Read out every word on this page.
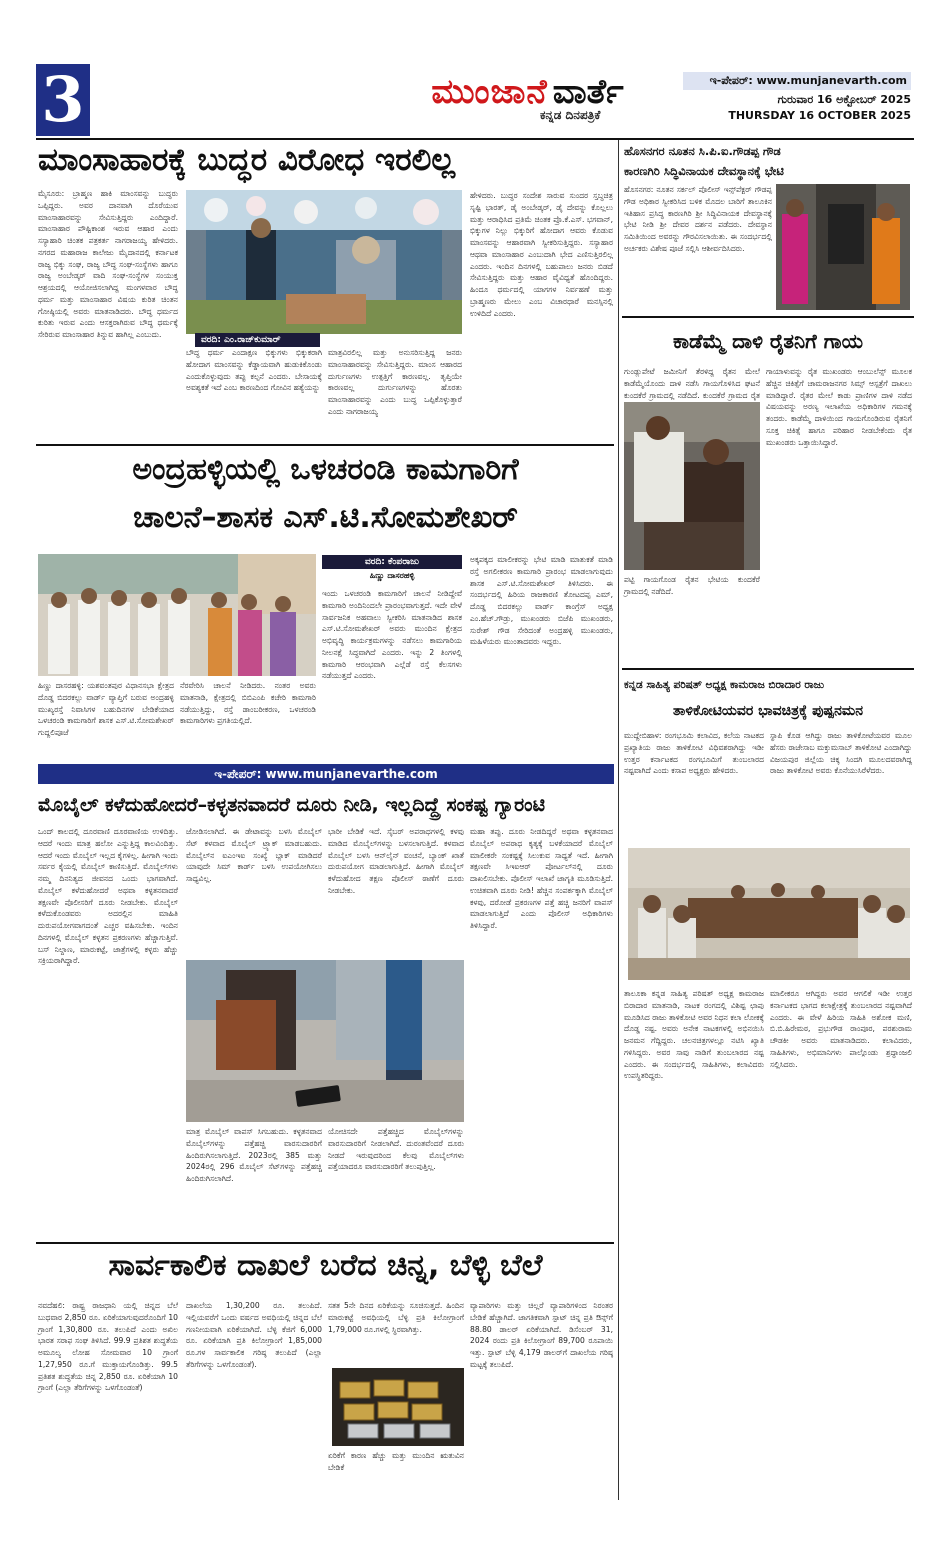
3	ಮುಂಜಾನೆ ವಾರ್ತೆ
ಕನ್ನಡ ದಿನಪತ್ರಿಕೆ
ಇ-ಪೇಪರ್: www.munjanevarth.com
ಗುರುವಾರ 16 ಅಕ್ಟೋಬರ್ 2025
THURSDAY 16 OCTOBER 2025
ಮಾಂಸಾಹಾರಕ್ಕೆ ಬುದ್ಧರ ವಿರೋಧ ಇರಲಿಲ್ಲ
ಮೈಸೂರು: ಬ್ರಾಹ್ಮಣ ಹಾಕಿ ಮಾಂಸವನ್ನು ಬುದ್ಧರು ಒಪ್ಪಿದ್ದರು. ಅವರ ದಾನವಾಗಿ ದೊರೆಯುವ ಮಾಂಸಾಹಾರವನ್ನು ಸೇವಿಸುತ್ತಿದ್ದರು ಎಂದಿದ್ದಾರೆ. ಮಾಂಸಾಹಾರ ಪೌಷ್ಟಿಕಾಂಶ ಇರುವ ಆಹಾರ ಎಂದು ಸಸ್ಯಾಹಾರಿ ಚಿಂತಕ ಪತ್ರಕರ್ತ ನಾಗರಾಜಯ್ಯ ಹೇಳಿದರು. ನಗರದ ಮಹಾರಾಜ ಕಾಲೇಜು ಮೈದಾನದಲ್ಲಿ ಕರ್ನಾಟಕ ರಾಜ್ಯ ಭಿಕ್ಕು ಸಂಘ, ರಾಜ್ಯ ಬೌದ್ಧ ಸಂಘ-ಸಂಸ್ಥೆಗಳು ಹಾಗೂ ರಾಜ್ಯ ಅಂಬೇಡ್ಕರ್ ವಾದಿ ಸಂಘ-ಸಂಸ್ಥೆಗಳ ಸಂಯುಕ್ತ ಆಶ್ರಯದಲ್ಲಿ ಆಯೋಜಿಸಲಾಗಿದ್ದ ಮಂಗಳವಾರ ಬೌದ್ಧ ಧರ್ಮ ಮತ್ತು ಮಾಂಸಾಹಾರ ವಿಷಯ ಕುರಿತ ಚಿಂತನ ಗೋಷ್ಠಿಯಲ್ಲಿ ಅವರು ಮಾತನಾಡಿದರು. ಬೌದ್ಧ ಧರ್ಮದ ಕುರಿತು ಇರುವ ಎಂದು ಆಸಕ್ತರಾಗಿರುವ ಬೌದ್ಧ ಧರ್ಮಕ್ಕೆ ಸೇರಿರುವ ಮಾಂಸಾಹಾರ ತಿನ್ನುವ ಹಾಗಿಲ್ಲ ಎಂಬುದು.
ವರದಿ: ಎಂ.ರಾಜ್‌ಕುಮಾರ್
ಬೌದ್ಧ ಧರ್ಮ ಎಂದಾಕ್ಷಣ ಭಿಕ್ಕುಗಳು ಭಿಕ್ಕುಕರಾಗಿ ಹೋದಾಗ ಮಾಂಸವನ್ನು ಕೆಡ್ಡಾಯವಾಗಿ ಹುಡುಕಿಕೊಂಡು ಎಂದುಕೊಳ್ಳುವುದು ತಪ್ಪು ಕಲ್ಪನೆ ಎಂದರು. ಬೇಸಾಯಕ್ಕೆ ಅವಶ್ಯಕತೆ ಇದೆ ಎಂಬ ಕಾರಣದಿಂದ ಗೋವಿನ ಹತ್ಯೆಯನ್ನು
ಮಾತ್ರವಿರಲಿಲ್ಲ ಮತ್ತು ಅನುಸರಿಸುತ್ತಿದ್ದ ಜನರು ಮಾಂಸಾಹಾರವನ್ನು ಸೇವಿಸುತ್ತಿದ್ದರು. ಮಾಂಸ ಆಹಾರದ ದುರ್ಗುಣಗಳು ಉತ್ಪತ್ತಿಗೆ ಕಾರಣವಲ್ಲ. ತೃಪ್ತಿಯೇ ಕಾರಣವಲ್ಲ ದುರ್ಗುಣಗಳನ್ನು ಹೊರತು ಮಾಂಸಾಹಾರವನ್ನು ಎಂದು ಬುದ್ಧ ಒಪ್ಪಿಕೊಳ್ಳುತ್ತಾರೆ ಎಂದು ನಾಗರಾಜಯ್ಯ
ಹೇಳಿದರು. ಬುದ್ಧರ ಸಂದೇಶ ಸಾರುವ ಸುಂದರ ಸ್ತಬ್ಧಚಿತ್ರ ಸೃಷ್ಟಿ ಭಾರತ್, ಡೈ ಅಂಬೇಡ್ಕರ್, ಡೈ ದೇವನ್ನು ಕೊಲ್ಲಲು ಮತ್ತು ಆರಾಧಿಸಿದ ಪ್ರತಿಮೆ ಚಿಂತಕ ಪ್ರೊ.ಕೆ.ಎಸ್. ಭಗವಾನ್, ಭಿಕ್ಕುಗಳ ನಿಲ್ಲು ಭಿಕ್ಕುರಿಗೆ ಹೋದಾಗ ಆವರು ಕೊಡುವ ಮಾಂಸವನ್ನು ಆಹಾರವಾಗಿ ಸ್ವೀಕರಿಸುತ್ತಿದ್ದರು. ಸಸ್ಯಾಹಾರ ಆಥವಾ ಮಾಂಸಾಹಾರ ಎಂಬುದಾಗಿ ಭೇದ ಎಣಿಸುತ್ತಿರಲಿಲ್ಲ ಎಂದರು. ಇಂದಿನ ದಿನಗಳಲ್ಲಿ ಬಹುಪಾಲು ಜನರು ಬಿಡದೆ ಸೇವಿಸುತ್ತಿದ್ದರು ಮತ್ತು ಆಹಾರ ವೈವಿಧ್ಯತೆ ಹೊಂದಿದ್ದರು. ಹಿಂದೂ ಧರ್ಮದಲ್ಲಿ ಯಾಗಗಳ ನಿರ್ವಹಣೆ ಮತ್ತು ಬ್ರಾಹ್ಮಣರು ಮೇಲು ಎಂಬ ವಿಚಾರಧಾರೆ ಮನಸ್ಸಿನಲ್ಲಿ ಉಳಿದಿದೆ ಎಂದರು.
ಅಂದ್ರಹಳ್ಳಿಯಲ್ಲಿ ಒಳಚರಂಡಿ ಕಾಮಗಾರಿಗೆ
ಚಾಲನೆ–ಶಾಸಕ ಎಸ್.ಟಿ.ಸೋಮಶೇಖರ್
ಹಿಣ್ಣು ದಾಸರಹಳ್ಳಿ: ಯಶವಂತಪುರ ವಿಧಾನಸಭಾ ಕ್ಷೇತ್ರದ ದೊಡ್ಡ ಬಿದರಕಲ್ಲು ವಾರ್ಡ್‌ ವ್ಯಾಪ್ತಿಗೆ ಬರುವ ಅಂದ್ರಹಳ್ಳಿ ಮುಖ್ಯರಸ್ತೆ ನಿವಾಸಿಗಳ ಬಹುದಿನಗಳ ಬೇಡಿಕೆಯಾದ ಒಳಚರಂಡಿ ಕಾಮಗಾರಿಗೆ ಶಾಸಕ ಎಸ್.ಟಿ.ಸೋಮಶೇಖರ್ ಗುದ್ದಲಿಪೂಜೆ
ನೆರವೇರಿಸಿ ಚಾಲನೆ ನೀಡಿದರು. ನಂತರ ಅವರು ಮಾತನಾಡಿ, ಕ್ಷೇತ್ರದಲ್ಲಿ ಬಿಬಿಎಂಪಿ ಕಚೇರಿ ಕಾಮಗಾರಿ ನಡೆಯುತ್ತಿದ್ದು, ರಸ್ತೆ ಡಾಂಬರೀಕರಣ, ಒಳಚರಂಡಿ ಕಾಮಗಾರಿಗಳು ಪ್ರಗತಿಯಲ್ಲಿದೆ.
ವರದಿ: ಕೆಂಪರಾಜು
ಹಿಣ್ಣು ದಾಸರಹಳ್ಳಿ
ಇಂದು ಒಳಚರಂಡಿ ಕಾಮಗಾರಿಗೆ ಚಾಲನೆ ನೀಡಿದ್ದೇವೆ ಕಾಮಗಾರಿ ಅಂದಿನಿಂದಲೇ ಪ್ರಾರಂಭವಾಗುತ್ತದೆ. ಇದೇ ವೇಳೆ ಸಾರ್ವಜನಿಕ ಅಹವಾಲು ಸ್ವೀಕರಿಸಿ ಮಾತನಾಡಿದ ಶಾಸಕ ಎಸ್.ಟಿ.ಸೋಮಶೇಖರ್ ಅವರು ಮುಂದಿನ ಕ್ಷೇತ್ರದ ಅಭಿವೃದ್ಧಿ ಕಾರ್ಯಕ್ರಮಗಳನ್ನು ನಡೆಸಲು ಕಾಮಗಾರಿಯ ನೀಲನಕ್ಷೆ ಸಿದ್ಧವಾಗಿದೆ ಎಂದರು. ಇನ್ನು 2 ತಿಂಗಳಲ್ಲಿ ಕಾಮಗಾರಿ ಆರಂಭವಾಗಿ ಎಲ್ಲೆಡೆ ರಸ್ತೆ ಕೆಲಸಗಳು ನಡೆಯುತ್ತದೆ ಎಂದರು.
ಅಕ್ಕಪಕ್ಕದ ಮಾಲೀಕರನ್ನು ಭೇಟಿ ಮಾಡಿ ಮಾತುಕತೆ ಮಾಡಿ ರಸ್ತೆ ಅಗಲೀಕರಣ ಕಾಮಗಾರಿ ಪ್ರಾರಂಭ ಮಾಡಲಾಗುವುದು ಶಾಸಕ ಎಸ್.ಟಿ.ಸೋಮಶೇಖರ್ ತಿಳಿಸಿದರು. ಈ ಸಂದರ್ಭದಲ್ಲಿ ಹಿರಿಯ ರಾಜಕಾರಣಿ ತೋಟದಪ್ಪ ಎಮ್, ದೊಡ್ಡ ಬಿದರಕಲ್ಲು ವಾರ್ಡ್ ಕಾಂಗ್ರೆಸ್ ಅಧ್ಯಕ್ಷ ಎಂ.ಹೆಚ್.ಗೌಡ್ರು, ಮುಖಂಡರು ಬಿಜೆಪಿ ಮುಖಂಡರು, ಸುರೇಶ್ ಗೌಡ ಸೇರಿದಂತೆ ಅಂದ್ರಹಳ್ಳಿ ಮುಖಂಡರು, ಮಹಿಳೆಯರು ಮುಂತಾದವರು ಇದ್ದರು.
ಇ-ಪೇಪರ್: www.munjanevarthe.com
ಮೊಬೈಲ್ ಕಳೆದುಹೋದರೆ–ಕಳ್ಳತನವಾದರೆ ದೂರು ನೀಡಿ, ಇಲ್ಲದಿದ್ದ್ರೆ ಸಂಕಷ್ಟ ಗ್ಯಾರಂಟಿ
ಒಂದ್ ಕಾಲದಲ್ಲಿ ದೂರವಾಣಿ ದೂರವಾಣಿಯ ಉಳಿದಿತ್ತು. ಆದರೆ ಇಂದು ಮಾತ್ರ ಹಲೋ ಎನ್ನುತ್ತಿದ್ದ ಕಾಲವಿಂದಿತ್ತು. ಆದರೆ ಇಂದು ಮೊಬೈಲ್ ಇಲ್ಲದ ಕೈಗಳಿಲ್ಲ. ಹೀಗಾಗಿ ಇಂದು ಸರ್ವರ ಕೈಯಲ್ಲಿ ಮೊಬೈಲ್ ಕಾಣಿಸುತ್ತಿದೆ. ಮೊಬೈಲ್‌ಗಳು ನಮ್ಮ ದಿನನಿತ್ಯದ ಜೀವನದ ಒಂದು ಭಾಗವಾಗಿದೆ. ಮೊಬೈಲ್ ಕಳೆದುಹೋದರೆ ಅಥವಾ ಕಳ್ಳತನವಾದರೆ ತಕ್ಷಣವೇ ಪೊಲೀಸರಿಗೆ ದೂರು ನೀಡಬೇಕು. ಮೊಬೈಲ್ ಕಳೆದುಕೊಂಡವರು ಅದರಲ್ಲಿನ ಮಾಹಿತಿ ದುರುಪಯೋಗವಾಗದಂತೆ ಎಚ್ಚರ ವಹಿಸಬೇಕು. ಇಂದಿನ ದಿನಗಳಲ್ಲಿ ಮೊಬೈಲ್ ಕಳ್ಳತನ ಪ್ರಕರಣಗಳು ಹೆಚ್ಚಾಗುತ್ತಿವೆ. ಬಸ್ ನಿಲ್ದಾಣ, ಮಾರುಕಟ್ಟೆ, ಜಾತ್ರೆಗಳಲ್ಲಿ ಕಳ್ಳರು ಹೆಚ್ಚು ಸಕ್ರಿಯರಾಗಿದ್ದಾರೆ.
ಜೋಡಿಸಲಾಗಿದೆ. ಈ ಡೇಟಾವನ್ನು ಬಳಸಿ ಮೊಬೈಲ್ ಸೆಟ್ ಕಳವಾದ ಮೊಬೈಲ್ ಟ್ರ್ಯಾಕ್ ಮಾಡಬಹುದು. ಮೊಬೈಲ್‌ನ ಐಎಂಇಐ ಸಂಖ್ಯೆ ಬ್ಲಾಕ್ ಮಾಡಿದರೆ ಯಾವುದೇ ಸಿಮ್ ಕಾರ್ಡ್ ಬಳಸಿ ಉಪಯೋಗಿಸಲು ಸಾಧ್ಯವಿಲ್ಲ.
ಭಾರೀ ಬೇಡಿಕೆ ಇದೆ. ಸೈಬರ್ ಅಪರಾಧಗಳಲ್ಲಿ ಕಳವು ಮಾಡಿದ ಮೊಬೈಲ್‌ಗಳನ್ನು ಬಳಸಲಾಗುತ್ತಿದೆ. ಕಳವಾದ ಮೊಬೈಲ್ ಬಳಸಿ ಆನ್‌ಲೈನ್ ವಂಚನೆ, ಬ್ಯಾಂಕ್ ಖಾತೆ ದುರುಪಯೋಗ ಮಾಡಲಾಗುತ್ತಿದೆ. ಹೀಗಾಗಿ ಮೊಬೈಲ್ ಕಳೆದುಹೋದ ತಕ್ಷಣ ಪೊಲೀಸ್ ಠಾಣೆಗೆ ದೂರು ನೀಡಬೇಕು.
ಮಾತ್ರ ಮೊಬೈಲ್ ವಾಪಸ್ ಸಿಗಬಹುದು. ಕಳ್ಳತನವಾದ ಮೊಬೈಲ್‌ಗಳನ್ನು ಪತ್ತೆಹಚ್ಚಿ ವಾರಸುದಾರರಿಗೆ ಹಿಂದಿರುಗಿಸಲಾಗುತ್ತಿದೆ. 2023ರಲ್ಲಿ 385 ಮತ್ತು 2024ರಲ್ಲಿ 296 ಮೊಬೈಲ್ ಸೆಟ್‌ಗಳನ್ನು ಪತ್ತೆಹಚ್ಚಿ ಹಿಂದಿರುಗಿಸಲಾಗಿದೆ.
ಯೋಚಿಸದೇ ಪತ್ತೆಹಚ್ಚಿದ ಮೊಬೈಲ್‌ಗಳನ್ನು ವಾರಸುದಾರರಿಗೆ ನೀಡಲಾಗಿದೆ. ದುರಂತವೆಂದರೆ ದೂರು ನೀಡದೆ ಇರುವುದರಿಂದ ಕೆಲವು ಮೊಬೈಲ್‌ಗಳು ಪತ್ತೆಯಾದರೂ ವಾರಸುದಾರರಿಗೆ ತಲುಪುತ್ತಿಲ್ಲ.
ಮಹಾ ತಪ್ಪು. ದೂರು ನೀಡದಿದ್ದರೆ ಅಥವಾ ಕಳ್ಳತನವಾದ ಮೊಬೈಲ್ ಅಪರಾಧ ಕೃತ್ಯಕ್ಕೆ ಬಳಕೆಯಾದರೆ ಮೊಬೈಲ್ ಮಾಲೀಕರೇ ಸಂಕಷ್ಟಕ್ಕೆ ಸಿಲುಕುವ ಸಾಧ್ಯತೆ ಇದೆ. ಹೀಗಾಗಿ ತಕ್ಷಣವೇ ಸಿಇಐಆರ್ ಪೋರ್ಟಲ್‌ನಲ್ಲಿ ದೂರು ದಾಖಲಿಸಬೇಕು. ಪೊಲೀಸ್ ಇಲಾಖೆ ಜಾಗೃತಿ ಮೂಡಿಸುತ್ತಿದೆ. ಉಚಿತವಾಗಿ ದೂರು ನೀಡಿ! ಹೆಚ್ಚಿನ ಸಂಪರ್ಕಕ್ಕಾಗಿ ಮೊಬೈಲ್ ಕಳವು, ದರೋಡೆ ಪ್ರಕರಣಗಳ ಪತ್ತೆ ಹಚ್ಚಿ ಜನರಿಗೆ ವಾಪಸ್ ಮಾಡಲಾಗುತ್ತಿದೆ ಎಂದು ಪೊಲೀಸ್ ಅಧಿಕಾರಿಗಳು ತಿಳಿಸಿದ್ದಾರೆ.
ಸಾರ್ವಕಾಲಿಕ ದಾಖಲೆ ಬರೆದ ಚಿನ್ನ, ಬೆಳ್ಳಿ ಬೆಲೆ
ನವದೆಹಲಿ: ರಾಷ್ಟ್ರ ರಾಜಧಾನಿ ಯಲ್ಲಿ ಚಿನ್ನದ ಬೆಲೆ ಬುಧವಾರ 2,850 ರೂ. ಏರಿಕೆಯಾಗುವುದರೊಂದಿಗೆ 10 ಗ್ರಾಂಗೆ 1,30,800 ರೂ. ತಲುಪಿದೆ ಎಂದು ಅಖಿಲ ಭಾರತ ಸರಾಫ ಸಂಘ ತಿಳಿಸಿದೆ. 99.9 ಪ್ರತಿಶತ ಶುದ್ಧತೆಯ ಅಮೂಲ್ಯ ಲೋಹ ಸೋಮವಾರ 10 ಗ್ರಾಂಗೆ 1,27,950 ರೂ.ಗೆ ಮುಕ್ತಾಯಗೊಂಡಿತ್ತು. 99.5 ಪ್ರತಿಶತ ಶುದ್ಧತೆಯ ಚಿನ್ನ 2,850 ರೂ. ಏರಿಕೆಯಾಗಿ 10 ಗ್ರಾಂಗೆ (ಎಲ್ಲಾ ತೆರಿಗೆಗಳನ್ನು ಒಳಗೊಂಡಂತೆ)
ದಾಖಲೆಯ 1,30,200 ರೂ. ತಲುಪಿದೆ. ಇಲ್ಲಿಯವರೆಗೆ ಒಂದು ವರ್ಷದ ಅವಧಿಯಲ್ಲಿ ಚಿನ್ನದ ಬೆಲೆ ಗಣನೀಯವಾಗಿ ಏರಿಕೆಯಾಗಿದೆ. ಬೆಳ್ಳಿ ಕೆಜಿಗೆ 6,000 ರೂ. ಏರಿಕೆಯಾಗಿ ಪ್ರತಿ ಕಿಲೋಗ್ರಾಂಗೆ 1,85,000 ರೂ.ಗಳ ಸಾರ್ವಕಾಲಿಕ ಗರಿಷ್ಠ ತಲುಪಿದೆ (ಎಲ್ಲಾ ತೆರಿಗೆಗಳನ್ನು ಒಳಗೊಂಡಂತೆ).
ಸತತ 5ನೇ ದಿನದ ಏರಿಕೆಯನ್ನು ಸೂಚಿಸುತ್ತದೆ. ಹಿಂದಿನ ಮಾರುಕಟ್ಟೆ ಅವಧಿಯಲ್ಲಿ ಬೆಳ್ಳಿ ಪ್ರತಿ ಕಿಲೋಗ್ರಾಂಗೆ 1,79,000 ರೂ.ಗಳಲ್ಲಿ ಸ್ಥಿರವಾಗಿತ್ತು.
ಏರಿಕೆಗೆ ಕಾರಣ ಹೆಚ್ಚು ಮತ್ತು ಮುಂದಿನ ಋತುವಿನ ಬೇಡಿಕೆ
ವ್ಯಾಪಾರಿಗಳು ಮತ್ತು ಚಿಲ್ಲರೆ ವ್ಯಾಪಾರಿಗಳಿಂದ ನಿರಂತರ ಬೇಡಿಕೆ ಹೆಚ್ಚಾಗಿದೆ. ಜಾಗತಿಕವಾಗಿ ಸ್ಪಾಟ್ ಚಿನ್ನ ಪ್ರತಿ ಔನ್ಸ್‌ಗೆ 88.80 ಡಾಲರ್ ಏರಿಕೆಯಾಗಿದೆ. ಡಿಸೆಂಬರ್ 31, 2024 ರಂದು ಪ್ರತಿ ಕಿಲೋಗ್ರಾಂಗೆ 89,700 ರೂಪಾಯಿ ಇತ್ತು. ಸ್ಪಾಟ್ ಬೆಳ್ಳಿ 4,179 ಡಾಲರ್‌ಗೆ ದಾಖಲೆಯ ಗರಿಷ್ಠ ಮಟ್ಟಕ್ಕೆ ತಲುಪಿದೆ.
ಹೊಸನಗರ ನೂತನ ಸಿ.ಪಿ.ಐ.ಗೌಡಪ್ಪ ಗೌಡ
ಕಾರಣಗಿರಿ ಸಿದ್ಧಿವಿನಾಯಕ ದೇವಸ್ಥಾನಕ್ಕೆ ಭೇಟಿ
ಹೊಸನಗರ: ನೂತನ ಸರ್ಕಲ್ ಪೊಲೀಸ್ ಇನ್ಸ್‌ಪೆಕ್ಟರ್ ಗೌಡಪ್ಪ ಗೌಡ ಅಧಿಕಾರ ಸ್ವೀಕರಿಸಿದ ಬಳಿಕ ಮೊದಲ ಬಾರಿಗೆ ತಾಲೂಕಿನ ಇತಿಹಾಸ ಪ್ರಸಿದ್ಧ ಕಾರಣಗಿರಿ ಶ್ರೀ ಸಿದ್ಧಿವಿನಾಯಕ ದೇವಸ್ಥಾನಕ್ಕೆ ಭೇಟಿ ನೀಡಿ ಶ್ರೀ ದೇವರ ದರ್ಶನ ಪಡೆದರು. ದೇವಸ್ಥಾನ ಸಮಿತಿಯಿಂದ ಅವರನ್ನು ಗೌರವಿಸಲಾಯಿತು. ಈ ಸಂದರ್ಭದಲ್ಲಿ ಅರ್ಚಕರು ವಿಶೇಷ ಪೂಜೆ ಸಲ್ಲಿಸಿ ಆಶೀರ್ವದಿಸಿದರು.
ಕಾಡೆಮ್ಮೆ ದಾಳಿ ರೈತನಿಗೆ ಗಾಯ
ಗುಂಡ್ಲುಪೇಟೆ ಜಮೀನಿಗೆ ತೆರಳಿದ್ದ ರೈತನ ಮೇಲೆ ಕಾಡೆಮ್ಮೆಯೊಂದು ದಾಳಿ ನಡೆಸಿ ಗಾಯಗೊಳಿಸಿದ ಘಟನೆ ಕುಂದಕೆರೆ ಗ್ರಾಮದಲ್ಲಿ ನಡೆದಿದೆ. ಕುಂದಕೆರೆ ಗ್ರಾಮದ ರೈತ
ಪಟ್ಟಿ ಗಾಯಗೊಂಡ ರೈತನ ಭೇಟಿಯ ಕುಂದಕೆರೆ ಗ್ರಾಮದಲ್ಲಿ ನಡೆದಿದೆ.
ಗಾಯಾಳುವನ್ನು ರೈತ ಮುಖಂಡರು ಆಂಬುಲೆನ್ಸ್ ಮೂಲಕ ಹೆಚ್ಚಿನ ಚಿಕಿತ್ಸೆಗೆ ಚಾಮರಾಜನಗರ ಸಿಮ್ಸ್ ಆಸ್ಪತ್ರೆಗೆ ದಾಖಲು ಮಾಡಿದ್ದಾರೆ. ರೈತರ ಮೇಲೆ ಕಾಡು ಪ್ರಾಣಿಗಳ ದಾಳಿ ನಡೆದ ವಿಷಯವನ್ನು ಅರಣ್ಯ ಇಲಾಖೆಯ ಅಧಿಕಾರಿಗಳ ಗಮನಕ್ಕೆ ತಂದರು. ಕಾಡೆಮ್ಮೆ ದಾಳಿಯಿಂದ ಗಾಯಗೊಂಡಿರುವ ರೈತನಿಗೆ ಸೂಕ್ತ ಚಿಕಿತ್ಸೆ ಹಾಗೂ ಪರಿಹಾರ ನೀಡಬೇಕೆಂದು ರೈತ ಮುಖಂಡರು ಒತ್ತಾಯಿಸಿದ್ದಾರೆ.
ಕನ್ನಡ ಸಾಹಿತ್ಯ ಪರಿಷತ್ ಅಧ್ಯಕ್ಷ ಕಾಮರಾಜ ಬಿರಾದಾರ ರಾಜು
ತಾಳಿಕೋಟಿಯವರ ಭಾವಚಿತ್ರಕ್ಕೆ ಪುಷ್ಪನಮನ
ಮುದ್ದೇಬಿಹಾಳ: ರಂಗಭೂಮಿ ಕಲಾವಿದ, ಕಲೆಯ ನಾಟಕದ ಪ್ರಖ್ಯಾತಿಯ ರಾಜು ತಾಳಿಕೋಟಿ ವಿಧಿವಶರಾಗಿದ್ದು ಇಡೀ ಉತ್ತರ ಕರ್ನಾಟಕದ ರಂಗಭೂಮಿಗೆ ತುಂಬಲಾರದ ನಷ್ಟವಾಗಿದೆ ಎಂದು ಕಸಾಪ ಅಧ್ಯಕ್ಷರು ಹೇಳಿದರು.
ಸ್ಥಾಪಿ ಕೊಡ ಆಗಿದ್ದು ರಾಜು ತಾಳಿಕೋಟೆಯವರ ಮೂಲ ಹೆಸರು ರಾಜೇಸಾಬ ಮಕ್ತುಮಸಾಬ್ ತಾಳಿಕೋಟಿ ಎಂದಾಗಿದ್ದು ವಿಜಯಪುರ ಜಿಲ್ಲೆಯ ಚಿಕ್ಕ ಸಿಂದಗಿ ಮೂಲದವರಾಗಿದ್ದ ರಾಜು ತಾಳಿಕೋಟಿ ಅವರು ಕೊನೆಯುಸಿರೆಳೆದರು.
ತಾಲೂಕಾ ಕನ್ನಡ ಸಾಹಿತ್ಯ ಪರಿಷತ್ ಅಧ್ಯಕ್ಷ ಕಾಮರಾಜ ಬಿರಾದಾರ ಮಾತನಾಡಿ, ನಾಟಕ ರಂಗದಲ್ಲಿ ವಿಶಿಷ್ಟ ಛಾಪು ಮೂಡಿಸಿದ ರಾಜು ತಾಳಿಕೋಟಿ ಅವರ ನಿಧನ ಕಲಾ ಲೋಕಕ್ಕೆ ದೊಡ್ಡ ನಷ್ಟ. ಅವರು ಅನೇಕ ನಾಟಕಗಳಲ್ಲಿ ಅಭಿನಯಿಸಿ ಜನಮನ ಗೆದ್ದಿದ್ದರು. ಚಲನಚಿತ್ರಗಳಲ್ಲೂ ನಟಿಸಿ ಖ್ಯಾತಿ ಗಳಿಸಿದ್ದರು. ಅವರ ಸಾವು ನಾಡಿಗೆ ತುಂಬಲಾರದ ನಷ್ಟ ಎಂದರು. ಈ ಸಂದರ್ಭದಲ್ಲಿ ಸಾಹಿತಿಗಳು, ಕಲಾವಿದರು ಉಪಸ್ಥಿತರಿದ್ದರು.
ಮಾಲೀಕರೂ ಆಗಿದ್ದರು ಅವರ ಆಗಲಿಕೆ ಇಡೀ ಉತ್ತರ ಕರ್ನಾಟಕದ ಭಾಗದ ಕಲಾಕ್ಷೇತ್ರಕ್ಕೆ ತುಂಬಲಾರದ ನಷ್ಟವಾಗಿದೆ ಎಂದರು. ಈ ವೇಳೆ ಹಿರಿಯ ಸಾಹಿತಿ ಅಶೋಕ ಮಣಿ, ಬಿ.ಬಿ.ಹಿರೇಮಠ, ಪ್ರಭುಗೌಡ ರಾಂಪೂರ, ಪರಶುರಾಮ ಚೌಡಕೀ ಅವರು ಮಾತನಾಡಿದರು. ಕಲಾವಿದರು, ಸಾಹಿತಿಗಳು, ಅಭಿಮಾನಿಗಳು ಪಾಲ್ಗೊಂಡು ಶ್ರದ್ಧಾಂಜಲಿ ಸಲ್ಲಿಸಿದರು.
